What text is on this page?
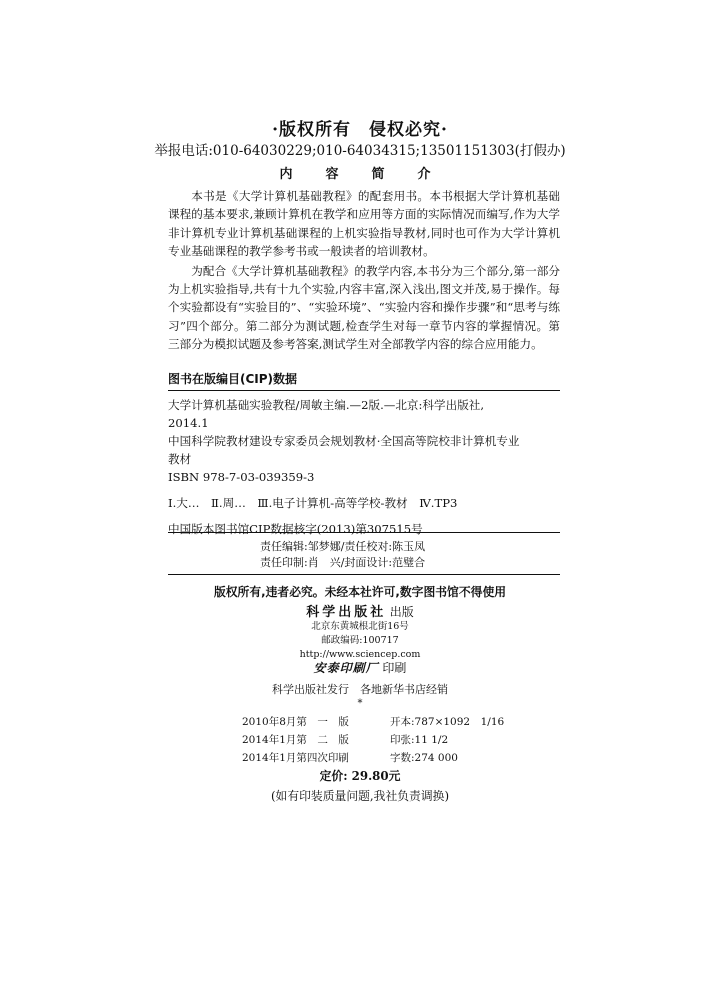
·版权所有　侵权必究·
举报电话:010-64030229;010-64034315;13501151303(打假办)
内　容　简　介

本书是《大学计算机基础教程》的配套用书。本书根据大学计算机基础课程的基本要求,兼顾计算机在教学和应用等方面的实际情况而编写,作为大学非计算机专业计算机基础课程的上机实验指导教材,同时也可作为大学计算机专业基础课程的教学参考书或一般读者的培训教材。

为配合《大学计算机基础教程》的教学内容,本书分为三个部分,第一部分为上机实验指导,共有十九个实验,内容丰富,深入浅出,图文并茂,易于操作。每个实验都设有“实验目的”、“实验环境”、“实验内容和操作步骤”和“思考与练习”四个部分。第二部分为测试题,检查学生对每一章节内容的掌握情况。第三部分为模拟试题及参考答案,测试学生对全部教学内容的综合应用能力。

图书在版编目(CIP)数据
大学计算机基础实验教程/周敏主编.—2版.—北京:科学出版社,
2014.1
中国科学院教材建设专家委员会规划教材·全国高等院校非计算机专业
教材
ISBN 978-7-03-039359-3
Ⅰ.大…　Ⅱ.周…　Ⅲ.电子计算机-高等学校-教材　Ⅳ.TP3
中国版本图书馆CIP数据核字(2013)第307515号
责任编辑:邹梦娜/责任校对:陈玉凤
责任印制:肖　兴/封面设计:范璧合
版权所有,违者必究。未经本社许可,数字图书馆不得使用
科学出版社 出版
北京东黄城根北街16号
邮政编码:100717
http://www.sciencep.com
安泰印刷厂 印刷
科学出版社发行　各地新华书店经销
*
2010年8月第　一　版	开本:787×1092　1/16
2014年1月第　二　版	印张:11 1/2
2014年1月第四次印刷	字数:274 000
定价: 29.80元
(如有印装质量问题,我社负责调换)
